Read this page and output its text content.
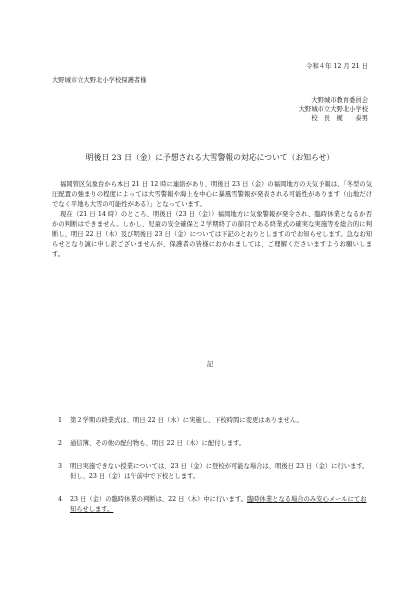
令和４年 12 月 21 日
大野城市立大野北小学校保護者様
大野城市教育委員会
大野城市立大野北小学校
校　長　梶　　泰男
明後日 23 日（金）に予想される大雪警報の対応について（お知らせ）

福岡管区気象台から本日 21 日 12 時に連絡があり、明後日 23 日（金）の福岡地方の天気予報は、「冬型の気圧配置の強まりの程度によっては大雪警報や海上を中心に暴風雪警報が発表される可能性があります（山地だけでなく平地も大雪の可能性がある）」となっています。

現在（21 日 14 時）のところ、明後日（23 日（金））福岡地方に気象警報が発令され、臨時休業となるか否かの判断はできません。しかし、児童の安全確保と２学期終了の節目である終業式の確実な実施等を総合的に判断し、明日 22 日（木）及び明後日 23 日（金）については下記のとおりとしますのでお知らせします。急なお知らせとなり誠に申し訳ございませんが、保護者の皆様におかれましては、ご理解くださいますようお願いします。

記
1	第２学期の終業式は、明日 22 日（木）に実施し、下校時間に変更はありません。
2	通信簿、その他の配付物も、明日 22 日（木）に配付します。
3	明日実施できない授業については、23 日（金）に登校が可能な場合は、明後日 23 日（金）に行います。但し、23 日（金）は午前中で下校とします。
4	23 日（金）の臨時休業の判断は、22 日（木）中に行います。臨時休業となる場合のみ安心メールにてお知らせします。
